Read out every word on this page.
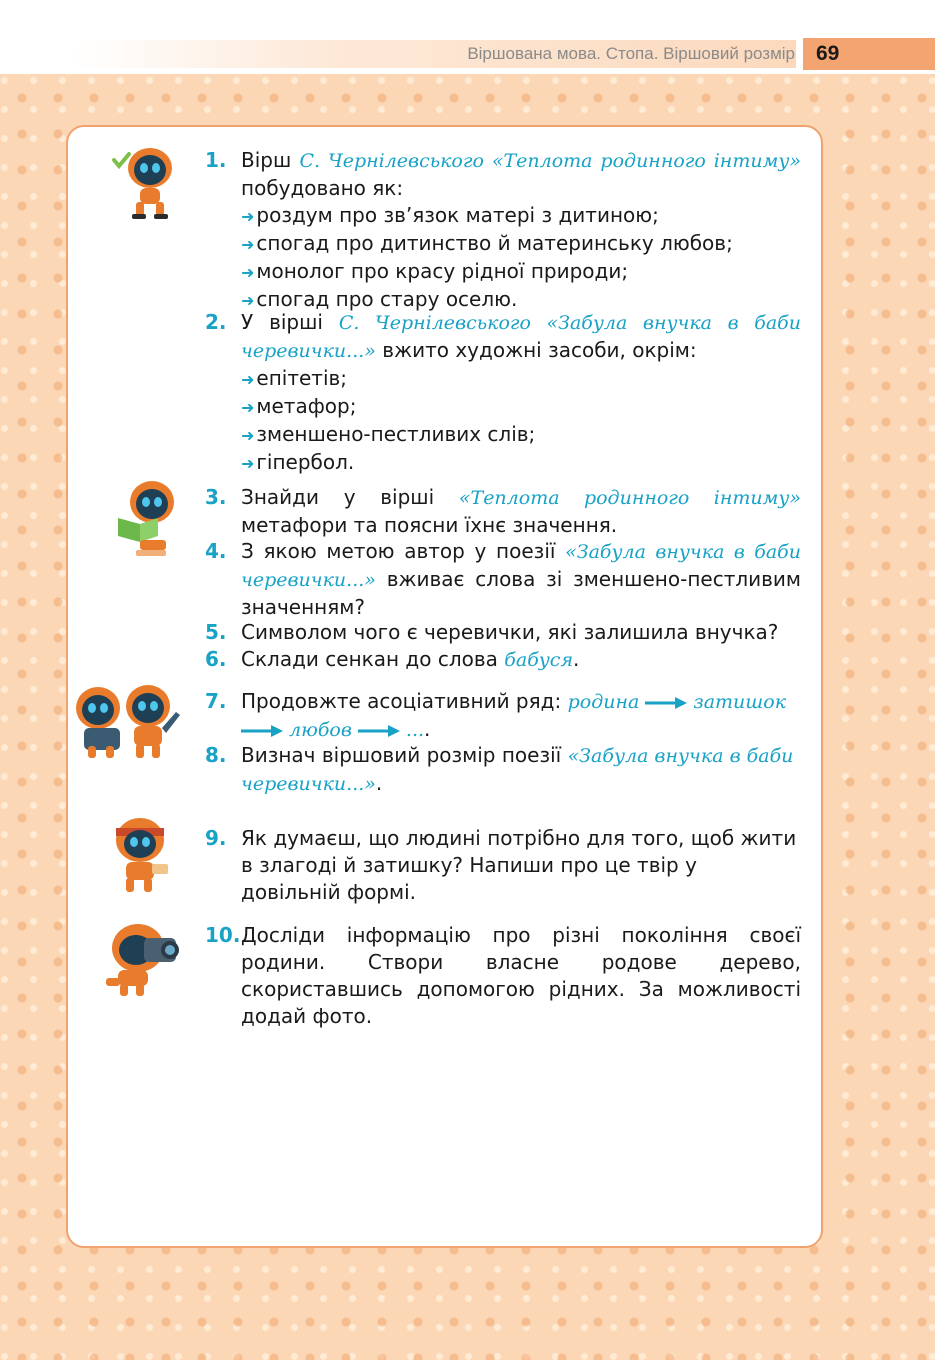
Віршована мова. Стопа. Віршовий розмір 69
1. Вірш С. Чернілевського «Теплота родинного інтиму» побудовано як:
➜ роздум про зв’язок матері з дитиною;
➜ спогад про дитинство й материнську любов;
➜ монолог про красу рідної природи;
➜ спогад про стару оселю.
2. У вірші С. Чернілевського «Забула внучка в баби черевички...» вжито художні засоби, окрім:
➜ епітетів;
➜ метафор;
➜ зменшено-пестливих слів;
➜ гіпербол.
3. Знайди у вірші «Теплота родинного інтиму» метафори та поясни їхнє значення.
4. З якою метою автор у поезії «Забула внучка в баби черевички...» вживає слова зі зменшено-пестливим значенням?
5. Символом чого є черевички, які залишила внучка?
6. Склади сенкан до слова бабуся.
7. Продовжте асоціативний ряд: родина	затишок
любов	....
8. Визнач віршовий розмір поезії «Забула внучка в баби черевички...».
9. Як думаєш, що людині потрібно для того, щоб жити в злагоді й затишку? Напиши про це твір у довільній формі.
10. Досліди інформацію про різні покоління своєї родини. Створи власне родове дерево, скориставшись допомогою рідних. За можливості додай фото.
